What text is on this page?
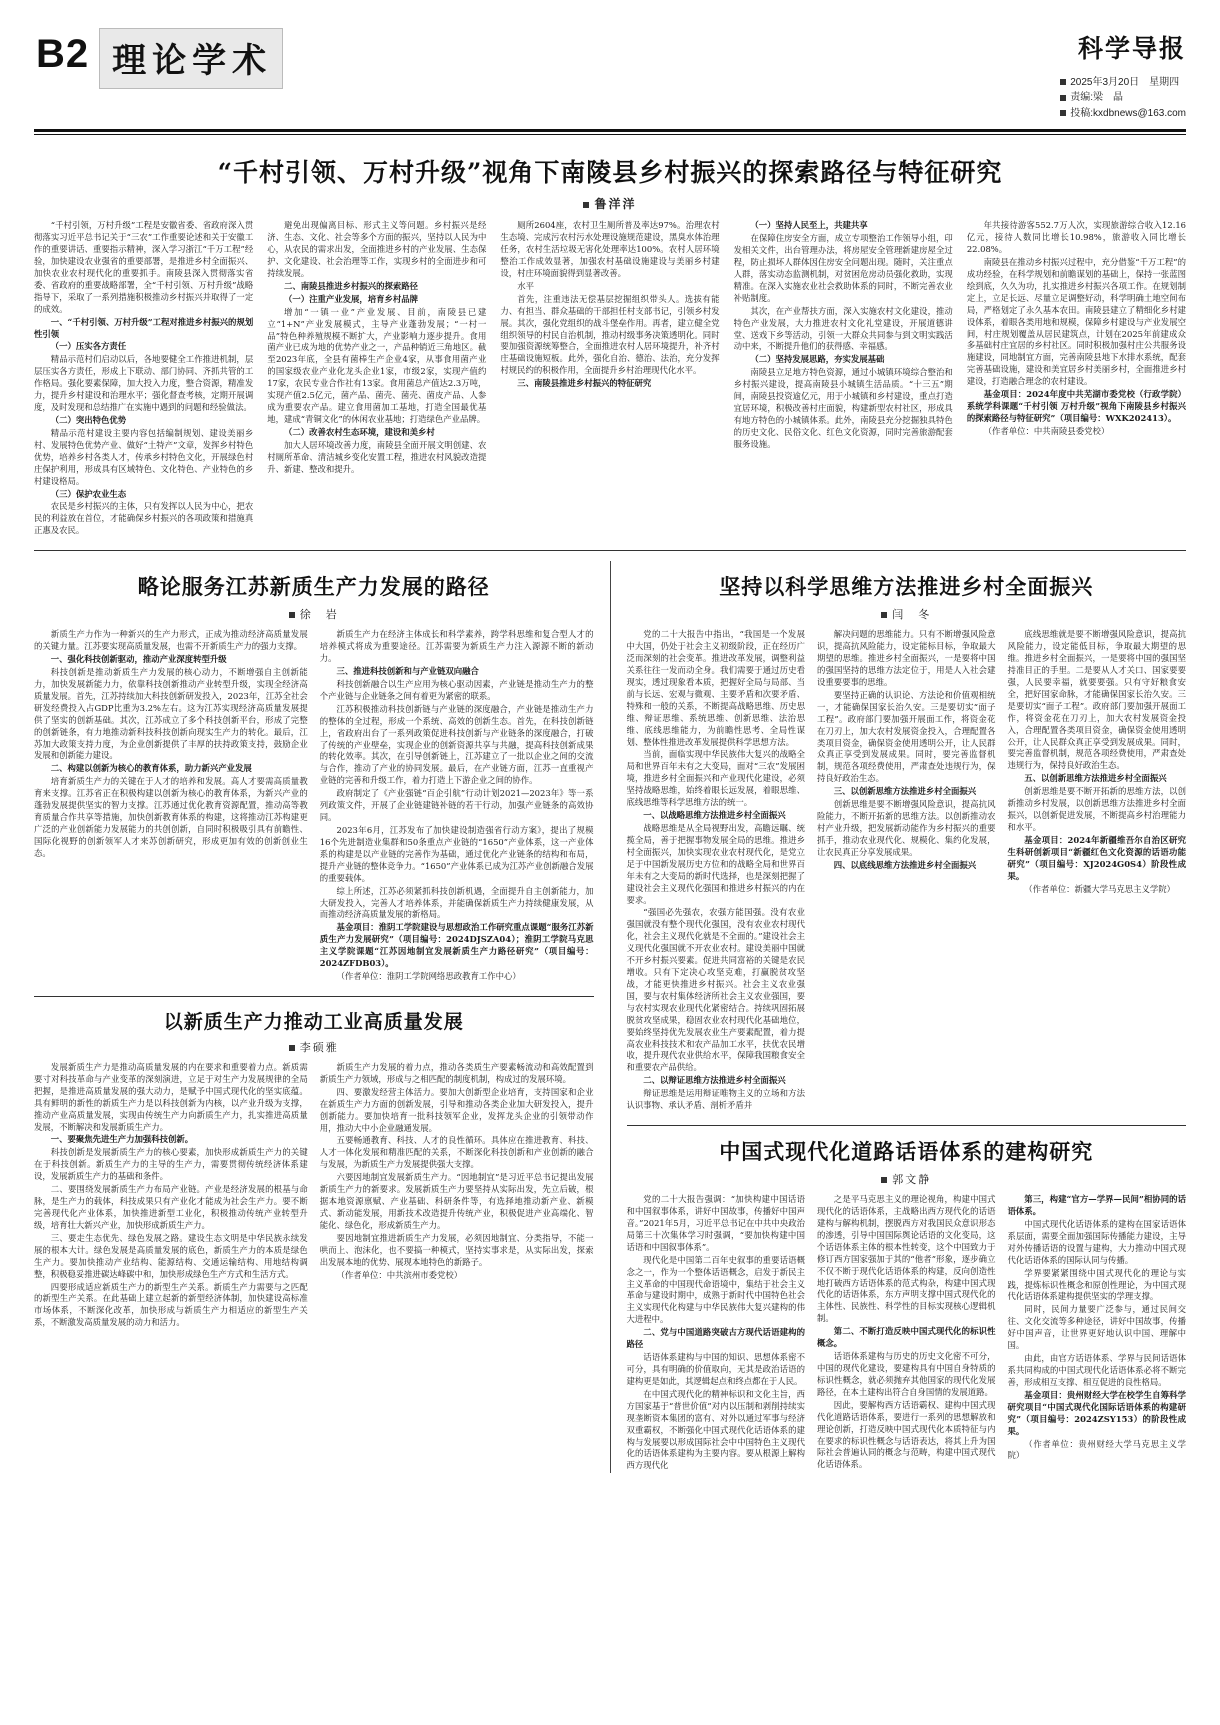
B2 理 论 学 术	科学导报
2025年3月20日　星期四
责编:梁　晶
投稿:kxdbnews@163.com
“千村引领、万村升级”视角下南陵县乡村振兴的探索路径与特征研究
鲁洋洋

“千村引领，万村升级”工程是安徽省委、省政府深入贯彻落实习近平总书记关于“三农”工作重要论述和关于安徽工作的重要讲话、重要指示精神，深入学习浙江“千万工程”经验，加快建设农业强省的重要部署，是推进乡村全面振兴、加快农业农村现代化的重要抓手。南陵县深入贯彻落实省委、省政府的重要战略部署，全“千村引领、万村升级”战略指导下，采取了一系列措施积极推动乡村振兴并取得了一定的成效。

一、“千村引领、万村升级”工程对推进乡村振兴的规划性引领

（一）压实各方责任

精品示范村们启动以后，各地要健全工作推进机制，层层压实各方责任，形成上下联动、部门协同、齐抓共管的工作格局。强化要素保障，加大投入力度，整合资源，精准发力，提升乡村建设和治理水平；强化督查考核，定期开展调度，及时发现和总结推广在实施中遇到的问题和经验做法。

（二）突出特色优势

精品示范村建设主要内容包括编制规划、建设美丽乡村、发展特色优势产业、做好“土特产”文章，发挥乡村特色优势，培养乡村各类人才，传承乡村特色文化，开展绿色村庄保护利用，形成具有区域特色、文化特色、产业特色的乡村建设格局。

（三）保护农业生态

农民是乡村振兴的主体，只有发挥以人民为中心，把农民的利益放在首位，才能确保乡村振兴的各项政策和措施真正惠及农民。

避免出现偏离目标、形式主义等问题。乡村振兴是经济、生态、文化、社会等多个方面的振兴，坚持以人民为中心，从农民的需求出发，全面推进乡村的产业发展、生态保护、文化建设、社会治理等工作，实现乡村的全面进步和可持续发展。

二、南陵县推进乡村振兴的探索路径

（一）注重产业发展，培育乡村品牌

增加“一镇一业”产业发展、目前，南陵县已建立“1+N”产业发展模式，主导产业蓬勃发展；“一村一品”特色种养殖规模不断扩大，产业影响力逐步提升。食用菌产业已成为地的优势产业之一，产品种销近三角地区。截至2023年底，全县有菌棒生产企业4家，从事食用菌产业的国家级农业产业化龙头企业1家，市级2家，实现产值约17家，农民专业合作社有13家。食用菌总产值达2.3万吨，实现产值2.5亿元，菌产品、菌壳、菌壳、菌皮产品、人参成为重要农产品。建立食用菌加工基地，打造全国最优基地，建成“青铜文化”的休闲农业基地；打造绿色产业品牌。

（二）改善农村生态环境，建设和美乡村

加大人居环境改善力度，南陵县全面开展文明创建、农村厕所革命、清洁城乡变化安置工程，推进农村风貌改造提升、新建、整改和提升。

厕所2604座，农村卫生厕所普及率达97%。治理农村生态境、完成污农村污水处理设施规范建设，黑臭水体治理任务，农村生活垃圾无害化处理率达100%。农村人居环境整治工作成效显著，加强农村基础设施建设与美丽乡村建设，村庄环境面貌得到显著改善。

水平

首先，注重违法无偿基层挖掘组织带头人。选拔有能力、有担当、群众基础的干部担任村支部书记，引领乡村发展。其次，强化党组织的战斗堡垒作用。再者，建立健全党组织领导的村民自治机制，推动村级事务决策透明化。同时要加强资源统筹整合，全面推进农村人居环境提升，补齐村庄基础设施短板。此外，强化自治、德治、法治，充分发挥村规民约的积极作用，全面提升乡村治理现代化水平。

三、南陵县推进乡村振兴的特征研究

（一）坚持人民至上，共建共享

在保障住房安全方面，成立专项整治工作领导小组，印发相关文件，出台管理办法，将房屋安全管理新建房屋全过程，防止损坏人群体因住房安全问题出现。随时，关注重点人群，落实动态监测机制，对贫困危房动员强化救助，实现精准。在深入实施农业社会救助体系的同时，不断完善农业补贴制度。

其次，在产业帮扶方面，深入实施农村文化建设，推动特色产业发展，大力推进农村文化礼堂建设，开展道德讲堂、送戏下乡等活动，引领一大群众共同参与到文明实践活动中来，不断提升他们的获得感、幸福感。

（二）坚持发展思路，夯实发展基础

南陵县立足地方特色资源，通过小城镇环境综合整治和乡村振兴建设，提高南陵县小城镇生活品质。“十三五”期间，南陵县投资逾亿元，用于小城镇和乡村建设，重点打造宜居环境，积极改善村庄面貌，构建新型农村社区，形成具有地方特色的小城镇体系。此外，南陵县充分挖掘独具特色的历史文化、民俗文化、红色文化资源，同时完善旅游配套服务设施。

年共接待游客552.7万人次，实现旅游综合收入12.16亿元，接待人数同比增长10.98%，旅游收入同比增长22.08%。

南陵县在推动乡村振兴过程中，充分借鉴“千万工程”的成功经验，在科学规划和前瞻谋划的基础上，保持一张蓝图绘到底，久久为功，扎实推进乡村振兴各项工作。在规划制定上，立足长远、尽量立足调整好动，科学明确土地空间布局，严格划定了永久基本农田。南陵县建立了精细化乡村建设体系，着眼各类用地和规模，保障乡村建设与产业发展空间，村庄规划覆盖从居民建筑点，计划在2025年前建成众多基础村庄宜居的乡村社区。同时积极加强村庄公共服务设施建设，同地制宜方面，完善南陵县地下水排水系统，配套完善基础设施，建设和美宜居乡村美丽乡村，全面推进乡村建设，打造融合理念的农村建设。

基金项目：2024年度中共芜湖市委党校（行政学院）系统学科课题“千村引领 万村升级”视角下南陵县乡村振兴的探索路径与特征研究”（项目编号：WXK202413）。

（作者单位：中共南陵县委党校）

略论服务江苏新质生产力发展的路径
徐　岩

新质生产力作为一种新兴的生产力形式，正成为推动经济高质量发展的关键力量。江苏要实现高质量发展，也需不开新质生产力的强力支撑。

一、强化科技创新驱动，推动产业深度转型升级

科技创新是推动新质生产力发展的核心动力，不断增强自主创新能力，加快发展新能力力，依靠科技创新推动产业转型升级，实现全经济高质量发展。首先，江苏持续加大科技创新研发投入，2023年，江苏全社会研发经费投入占GDP比重为3.2%左右。这为江苏实现经济高质量发展提供了坚实的创新基础。其次，江苏成立了多个科技创新平台，形成了完整的创新链条，有力地推动新科技科技创新向现实生产力的转化。最后，江苏加大政策支持力度，为企业创新提供了丰厚的扶持政策支持，鼓励企业发展和创新能力建设。

二、构建以创新为核心的教育体系，助力新兴产业发展

培育新质生产力的关键在于人才的培养和发展。高人才要需高质量教育来支撑。江苏省正在积极构建以创新为核心的教育体系，为新兴产业的蓬勃发展提供坚实的智力支撑。江苏通过优化教育资源配置，推动高等教育质量合作共享等措施，加快创新教育体系的构建，这将推动江苏构建更广泛的产业创新能力发展能力的共创创新，自同时积极吸引具有前瞻性、国际化视野的创新领军人才来苏创新研究，形成更加有效的创新创业生态。

新质生产力在经济主体成长和科学素养，跨学科思维和复合型人才的培养模式将成为重要途径。江苏需要为新质生产力注入源源不断的新动力。

三、推进科技创新和与产业链双向融合

科技创新融合以生产应用为核心驱动因素，产业链是推动生产力的整个产业链与企业链条之间有着更为紧密的联系。

江苏积极推动科技创新链与产业链的深度融合，产业链是推动生产力的整体的全过程，形成一个系统、高效的创新生态。首先，在科技创新链上，省政府出台了一系列政策促进科技创新与产业链条的深度融合，打破了传统的产业壁垒，实现企业的创新资源共享与共融，提高科技创新成果的转化效率。其次，在引导创新链上，江苏建立了一批以企业之间的交流与合作，推动了产业的协同发展。最后，在产业链方面，江苏一直重视产业链的完善和升级工作，着力打造上下游企业之间的协作。

政府制定了《产业强链“百企引航”行动计划2021—2023年》等一系列政策文件，开展了企业链建链补链的若干行动，加强产业链条的高效协同。

2023年6月，江苏发布了加快建设制造强省行动方案》，提出了规模16个先进制造业集群和50条重点产业链的“1650”产业体系，这一产业体系的构建是以产业链的完善作为基础，通过优化产业链条的结构和布局，提升产业链的整体竞争力。“1650”产业体系已成为江苏产业创新融合发展的重要载体。

综上所述，江苏必须紧抓科技创新机遇，全面提升自主创新能力，加大研发投入，完善人才培养体系，并能确保新质生产力持续健康发展，从而推动经济高质量发展的新格局。

基金项目：淮阴工学院建设与思想政治工作研究重点课题“服务江苏新质生产力发展研究”（项目编号：2024DJSZA04）；淮阴工学院马克思主义学院课题“江苏因地制宜发展新质生产力路径研究”（项目编号：2024ZFDB03）。

（作者单位：淮阴工学院网络思政教育工作中心）

以新质生产力推动工业高质量发展
李硕雅

发展新质生产力是推动高质量发展的内在要求和重要着力点。新质需要寸对科技革命与产业变革的深刻演进，立足于对生产力发展规律的全局把握，是推进高质量发展的强大动力，是赋予中国式现代化的坚实底蕴。具有鲜明的新性的新质生产力是以科技创新为内核，以产业升级为支撑，推动产业高质量发展，实现由传统生产力向新质生产力，扎实推进高质量发展，不断解决和发展新质生产力。

一、要聚焦先进生产力加强科技创新。

科技创新是发展新质生产力的核心要素，加快形成新质生产力的关键在于科技创新。新质生产力的主导的生产力，需要贯彻传统经济体系建设，发展新质生产力的基础和条件。

二、要围绕发展新质生产力布局产业链。产业是经济发展的根基与命脉，是生产力的载体，科技成果只有产业化才能成为社会生产力。要不断完善现代化产业体系，加快推进新型工业化，积极推动传统产业转型升级，培育壮大新兴产业，加快形成新质生产力。

三、要走生态优先、绿色发展之路。建设生态文明是中华民族永续发展的根本大计。绿色发展是高质量发展的底色，新质生产力的本质是绿色生产力。要加快推动产业结构、能源结构、交通运输结构、用地结构调整，积极稳妥推进碳达峰碳中和，加快形成绿色生产方式和生活方式。

四要形成适应新质生产力的新型生产关系。新质生产力需要与之匹配的新型生产关系。在此基础上建立起新的新型经济体制，加快建设高标准市场体系，不断深化改革，加快形成与新质生产力相适应的新型生产关系，不断激发高质量发展的动力和活力。

新质生产力发展的着力点，推动各类质生产要素畅流动和高效配置到新质生产力领域，形成与之相匹配的制度机制，构成过的发展环境。

四、要激发经营主体活力。要加大创新型企业培育，支持国家和企业在新质生产力方面的创新发展，引导和推动各类企业加大研发投入，提升创新能力。要加快培育一批科技领军企业，发挥龙头企业的引领带动作用，推动大中小企业融通发展。

五要畅通教育、科技、人才的良性循环。具体应在推进教育、科技、人才一体化发展和精准匹配的关系，不断深化科技创新和产业创新的融合与发展，为新质生产力发展提供强大支撑。

六要因地制宜发展新质生产力。“因地制宜”是习近平总书记提出发展新质生产力的新要求。发展新质生产力要坚持从实际出发，先立后破，根据本地资源禀赋、产业基础、科研条件等，有选择地推动新产业、新模式、新动能发展，用新技术改造提升传统产业，积极促进产业高端化、智能化、绿色化，形成新质生产力。

要因地制宜推进新质生产力发展，必须因地制宜、分类指导，不能一哄而上、泡沫化，也不要搞一种模式，坚持实事求是，从实际出发，探索出发展本地的优势、展现本地特色的新路子。

（作者单位：中共滨州市委党校）

坚持以科学思维方法推进乡村全面振兴
闫　冬

党的二十大报告中指出，“我国是一个发展中大国，仍处于社会主义初级阶段，正在经历广泛而深刻的社会变革。推进改革发展，调整利益关系往往一发而动全身。我们需要于通过历史看现实，透过现象看本质，把握好全局与局部、当前与长远、宏观与微观、主要矛盾和次要矛盾、特殊和一般的关系，不断提高战略思维、历史思维、辩证思维、系统思维、创新思维、法治思维、底线思维能力，为前瞻性思考、全局性谋划、整体性推进改革发展提供科学思想方法。

当前，面临实现中华民族伟大复兴的战略全局和世界百年未有之大变局，面对“三农”发展困境，推进乡村全面振兴和产业现代化建设，必须坚持战略思维，始终着眼长远发展，着眼思维、底线思维等科学思维方法的统一。

一、以战略思维方法推进乡村全面振兴

战略思维是从全局视野出发，高瞻远瞩、统揽全局，善于把握事物发展全局的思维。推进乡村全面振兴，加快实现农业农村现代化，是党立足于中国新发展历史方位和的战略全局和世界百年未有之大变局的新时代选择，也是深刻把握了建设社会主义现代化强国和推进乡村振兴的内在要求。

“强国必先强农，农强方能国强。没有农业强国就没有整个现代化强国，没有农业农村现代化，社会主义现代化就是不全面的。”建设社会主义现代化强国就不开农业农村。建设美丽中国就不开乡村振兴要素。促进共同富裕的关键是农民增收。只有下定决心攻坚克难，打赢脱贫攻坚战，才能更快推进乡村振兴。社会主义农业强国，要与农村集体经济所社会主义农业强国，要与农村实现农业现代化紧密结合。持续巩固拓展脱贫攻坚成果，稳固农业农村现代化基础地位，要始终坚持优先发展农业生产要素配置，着力提高农业科技技术和农产品加工水平，扶优农民增收，提升现代农业供给水平，保障我国粮食安全和重要农产品供给。

二、以辩证思维方法推进乡村全面振兴

辩证思维是运用辩证唯物主义的立场和方法认识事物、承认矛盾、剖析矛盾并

解决问题的思维能力。只有不断增强风险意识，提高抗风险能力，设定能标目标，争取最大期望的思维。推进乡村全面振兴，一是要将中国的强国坚持的思维方法定位于，用是人入社会建设重要要事的思维。

要坚持正确的认识论、方法论和价值观相统一，才能确保国家长治久安。三是要切实“面子工程”。政府部门要加强开展面工作，将资金花在刀刃上，加大农村发展资金投入，合理配置各类项目资金，确保资金使用透明公开，让人民群众真正享受到发展成果。同时，要完善监督机制，规范各项经费使用，严肃查处违规行为，保持良好政治生态。

三、以创新思维方法推进乡村全面振兴

创新思维是要不断增强风险意识，提高抗风险能力，不断开拓新的思维方法。以创新推动农村产业升级，把发展新动能作为乡村振兴的重要抓手，推动农业现代化、规模化、集约化发展，让农民真正分享发展成果。

四、以底线思维方法推进乡村全面振兴

底线思维就是要不断增强风险意识，提高抗风险能力，设定能低目标，争取最大期望的思维。推进乡村全面振兴，一是要将中国的强国坚持准目正的手里。二是要从人才关口、国家要要强，人民要幸福，就要要强。只有守好粮食安全，把好国家命脉，才能确保国家长治久安。三是要切实“面子工程”。政府部门要加强开展面工作，将资金花在刀刃上，加大农村发展资金投入，合理配置各类项目资金，确保资金使用透明公开，让人民群众真正享受到发展成果。同时，要完善监督机制，规范各项经费使用，严肃查处违规行为，保持良好政治生态。

五、以创新思维方法推进乡村全面振兴

创新思维是要不断开拓新的思维方法，以创新推动乡村发展，以创新思维方法推进乡村全面振兴，以创新促进发展，不断提高乡村治理能力和水平。

基金项目：2024年新疆维吾尔自治区研究生科研创新项目“新疆红色文化资源的话语功能研究”（项目编号：XJ2024G0S4）阶段性成果。

（作者单位：新疆大学马克思主义学院）

中国式现代化道路话语体系的建构研究
郭文静

党的二十大报告强调：“加快构建中国话语和中国叙事体系，讲好中国故事，传播好中国声音。”2021年5月，习近平总书记在中共中央政治局第三十次集体学习时强调，“要加快构建中国话语和中国叙事体系”。

现代化是中国第二百年史叙事的重要话语概念之一，作为一个整体话语概念，启发于新民主主义革命的中国现代命语境中，集结于社会主义革命与建设时期中，成熟于新时代中国特色社会主义实现代化构建与中华民族伟大复兴建构的伟大进程中。

二、党与中国道路突破古方现代话语建构的路径

话语体系建构与中国的知识、思想体系密不可分，具有明确的价值取向，无其是政治话语的建构更是如此，其逻辑起点和终点都在于人民。

在中国式现代化的精神标识和文化主旨，西方国家基于“普世价值”对内以压制和剥削持续实现垄断资本集团的富有、对外以通过军事与经济双重霸权，不断强化中国式现代化话语体系的建构与发展要以形成国际社会中中国特色主义现代化的话语体系建构为主要内容。要从根源上解构西方现代化

之是平马克思主义的理论视角，构建中国式现代化的话语体系，主战略出西方现代化的话语建构与解构机制，摆脱西方对我国民众意识形态的渗透，引导中国国际舆论话语的文化变局，这个话语体系主体的根本性转变，这个中国致力于修订西方国家强加于其的“他者”形象，逐步确立不仅不断于现代化话语体系的构建，反向创造性地打破西方话语体系的范式构杂，构建中国式现代化的话语体系，东方声明支撑中国式现代化的主体性、民族性、科学性的目标实现核心逻辑机制。

第二、不断打造反映中国式现代化的标识性概念。

话语体系建构与历史的历史文化密不可分，中国的现代化建设，要建构具有中国自身特质的标识性概念，就必须抛弃其他国家的现代化发展路径，在本土建构出符合自身国情的发展道路。

因此，要解构西方话语霸权、建构中国式现代化道路话语体系，要进行一系列的思想解放和理论创新，打造反映中国式现代化本质特征与内在要求的标识性概念与话语表达，将其上升为国际社会普遍认同的概念与范畴，构建中国式现代化话语体系。

第三，构建“官方—学界—民间”相协同的话语体系。

中国式现代化话语体系的建构在国家话语体系层面，需要全面加强国际传播能力建设，主导对外传播话语的设置与建构，大力推动中国式现代化话语体系的国际认同与传播。

学界要紧紧围绕中国式现代化的理论与实践，提炼标识性概念和原创性理论，为中国式现代化话语体系建构提供坚实的学理支撑。

同时，民间力量要广泛参与，通过民间交往、文化交流等多种途径，讲好中国故事，传播好中国声音，让世界更好地认识中国、理解中国。

由此，由官方话语体系、学界与民间话语体系共同构成的中国式现代化话语体系必将不断完善，形成相互支撑、相互促进的良性格局。

基金项目：贵州财经大学在校学生自筹科学研究项目“中国式现代化国际话语体系的构建研究”（项目编号：2024ZSY153）的阶段性成果。

（作者单位：贵州财经大学马克思主义学院）
